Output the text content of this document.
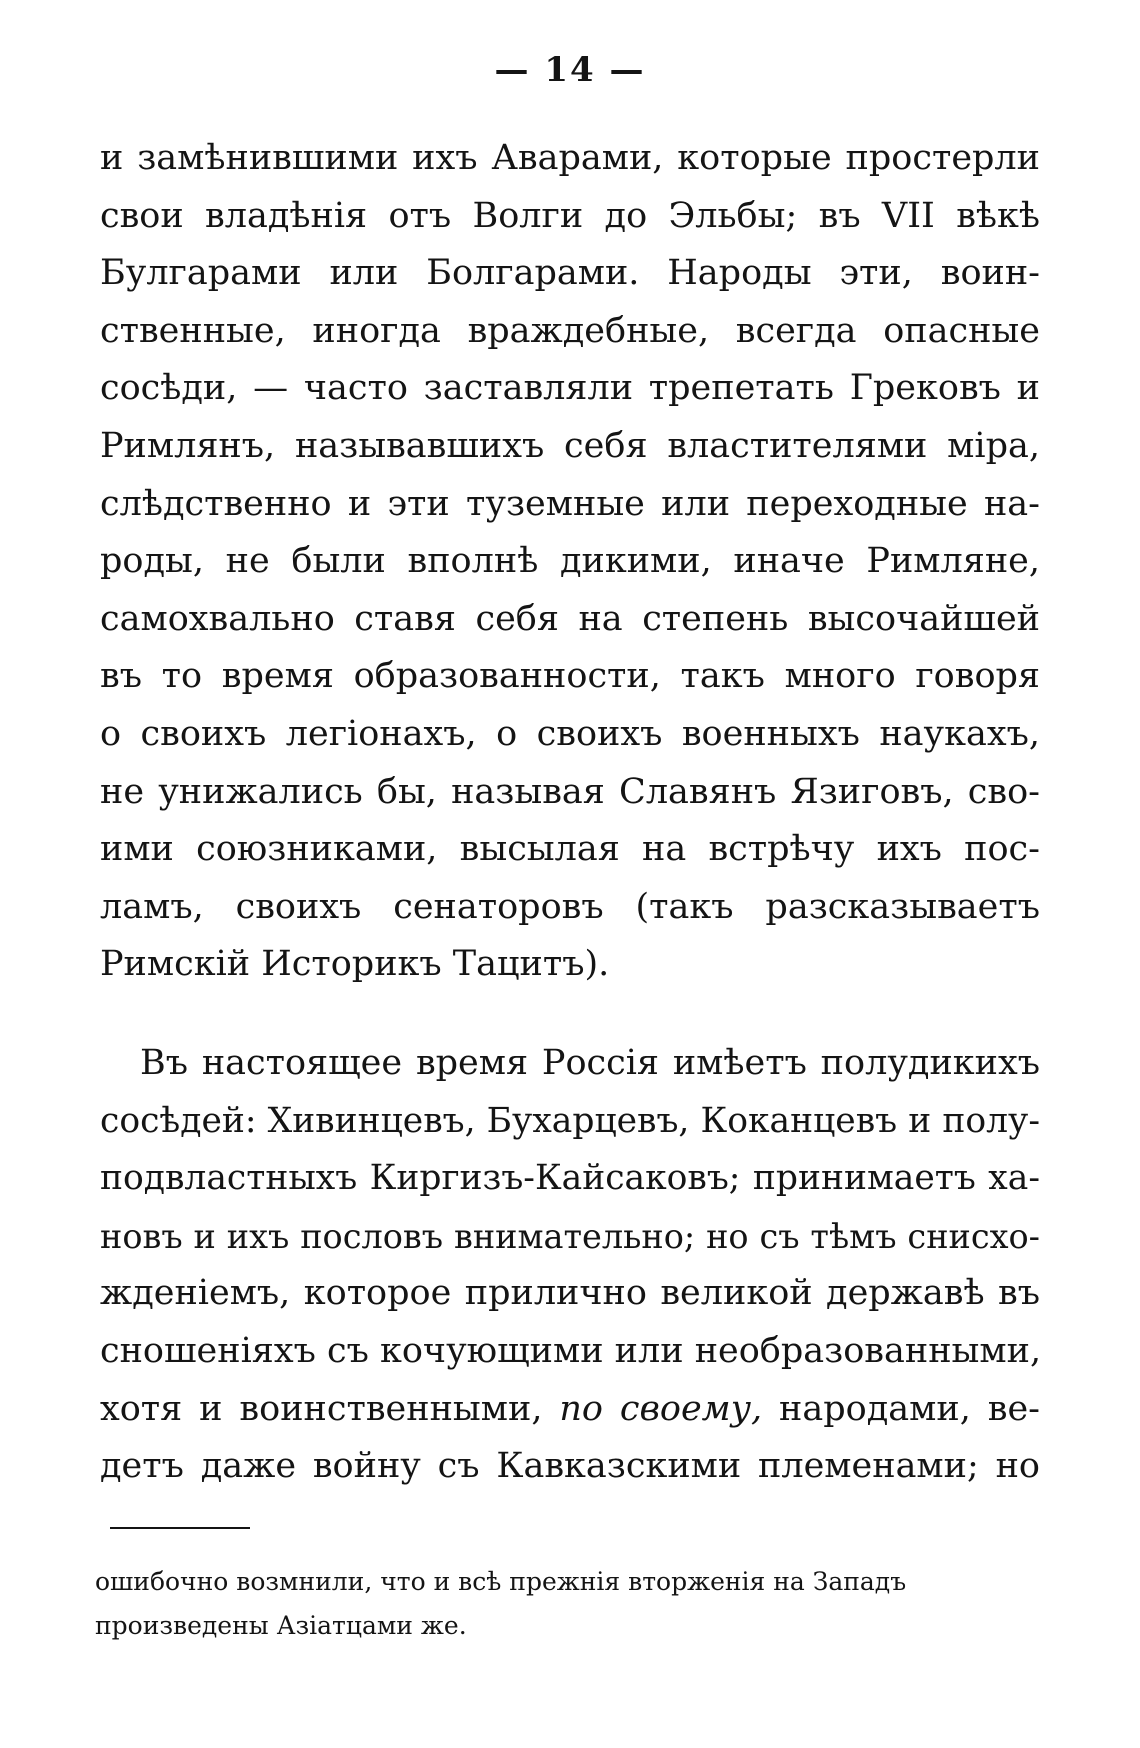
— 14 —
и замѣнившими ихъ Аварами, которые простерли
свои владѣнія отъ Волги до Эльбы; въ VII вѣкѣ
Булгарами или Болгарами. Народы эти, воин-
ственные, иногда враждебные, всегда опасные
сосѣди, — часто заставляли трепетать Грековъ и
Римлянъ, называвшихъ себя властителями міра,
слѣдственно и эти туземные или переходные на-
роды, не были вполнѣ дикими, иначе Римляне,
самохвально ставя себя на степень высочайшей
въ то время образованности, такъ много говоря
о своихъ легіонахъ, о своихъ военныхъ наукахъ,
не унижались бы, называя Славянъ Язиговъ, сво-
ими союзниками, высылая на встрѣчу ихъ пос-
ламъ, своихъ сенаторовъ (такъ разсказываетъ
Римскій Историкъ Тацитъ).
Въ настоящее время Россія имѣетъ полудикихъ
сосѣдей: Хивинцевъ, Бухарцевъ, Коканцевъ и полу-
подвластныхъ Киргизъ-Кайсаковъ; принимаетъ ха-
новъ и ихъ пословъ внимательно; но съ тѣмъ снисхо-
жденіемъ, которое прилично великой державѣ въ
сношеніяхъ съ кочующими или необразованными,
хотя и воинственными, по своему, народами, ве-
детъ даже войну съ Кавказскими племенами; но
ошибочно возмнили, что и всѣ прежнія вторженія на Западъ
произведены Азіатцами же.
